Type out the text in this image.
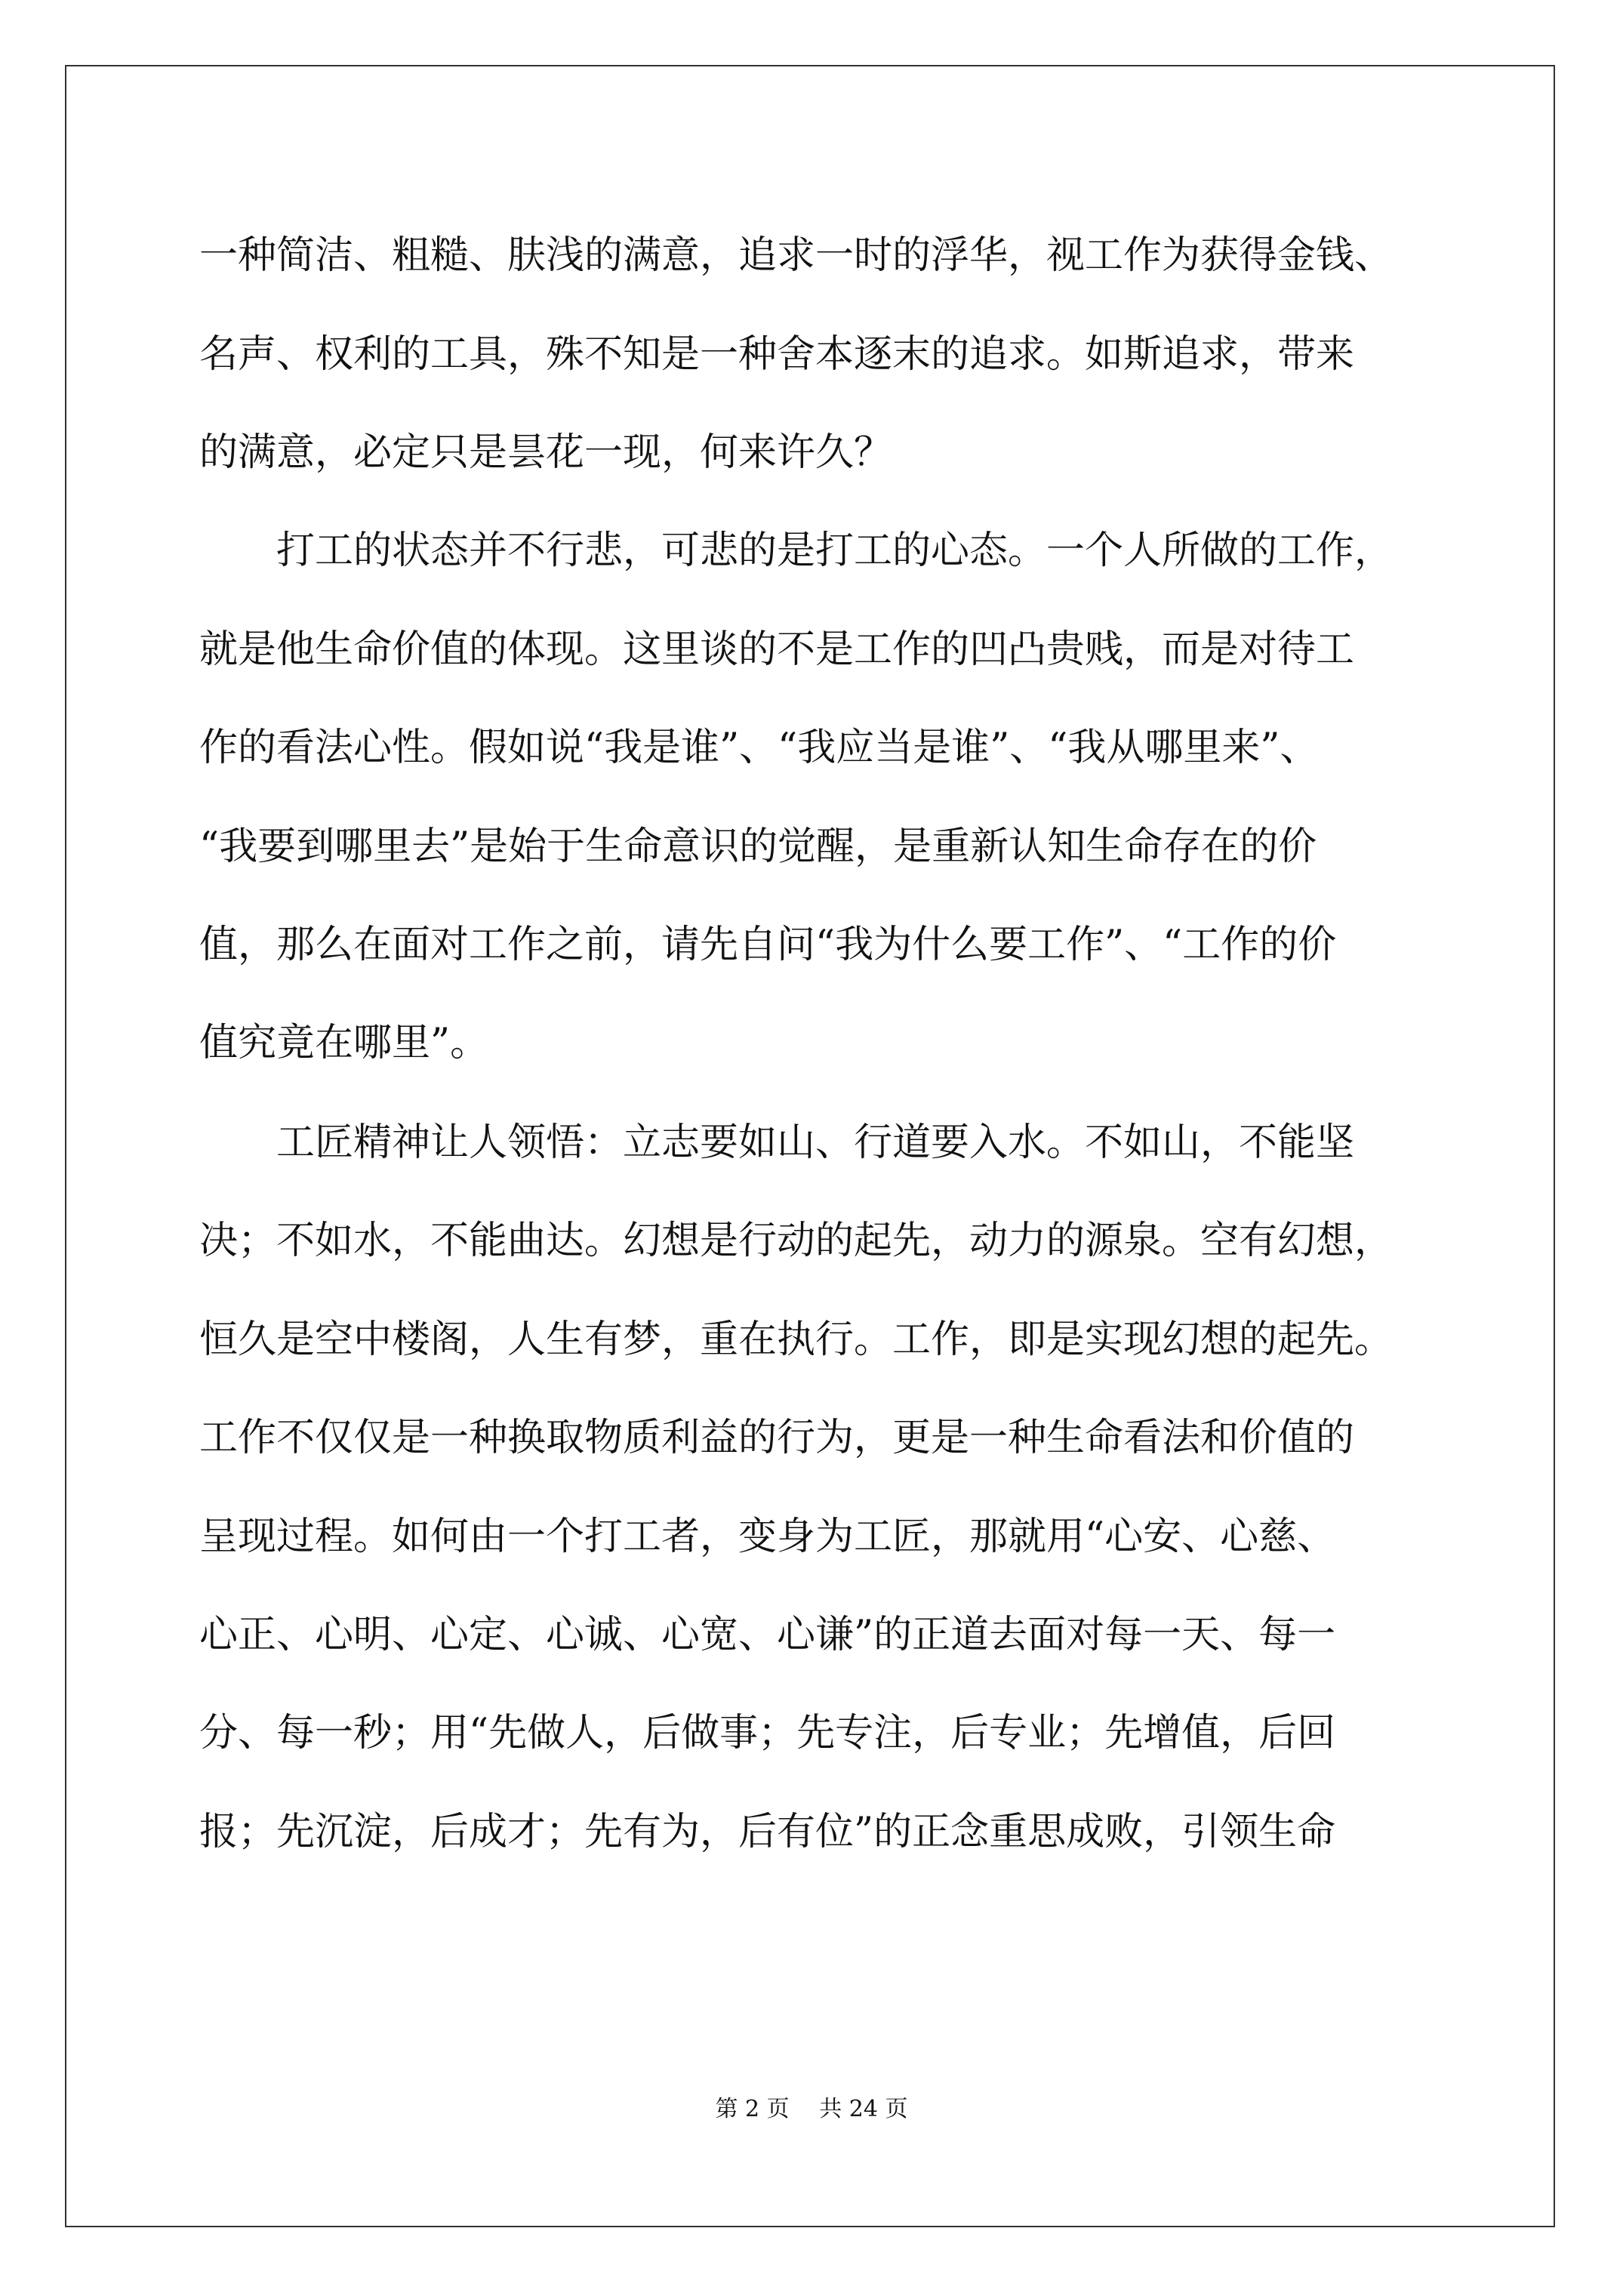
一种简洁、粗糙、肤浅的满意，追求一时的浮华，视工作为获得金钱、
名声、权利的工具，殊不知是一种舍本逐末的追求。如斯追求，带来
的满意，必定只是昙花一现，何来许久？
　　打工的状态并不行悲，可悲的是打工的心态。一个人所做的工作，
就是他生命价值的体现。这里谈的不是工作的凹凸贵贱，而是对待工
作的看法心性。假如说“我是谁”、“我应当是谁”、“我从哪里来”、
“我要到哪里去”是始于生命意识的觉醒，是重新认知生命存在的价
值，那么在面对工作之前，请先自问“我为什么要工作”、“工作的价
值究竟在哪里”。
　　工匠精神让人领悟：立志要如山、行道要入水。不如山，不能坚
决；不如水，不能曲达。幻想是行动的起先，动力的源泉。空有幻想，
恒久是空中楼阁，人生有梦，重在执行。工作，即是实现幻想的起先。
工作不仅仅是一种换取物质利益的行为，更是一种生命看法和价值的
呈现过程。如何由一个打工者，变身为工匠，那就用“心安、心慈、
心正、心明、心定、心诚、心宽、心谦”的正道去面对每一天、每一
分、每一秒；用“先做人，后做事；先专注，后专业；先增值，后回
报；先沉淀，后成才；先有为，后有位”的正念重思成败，引领生命
第 2 页　 共 24 页
